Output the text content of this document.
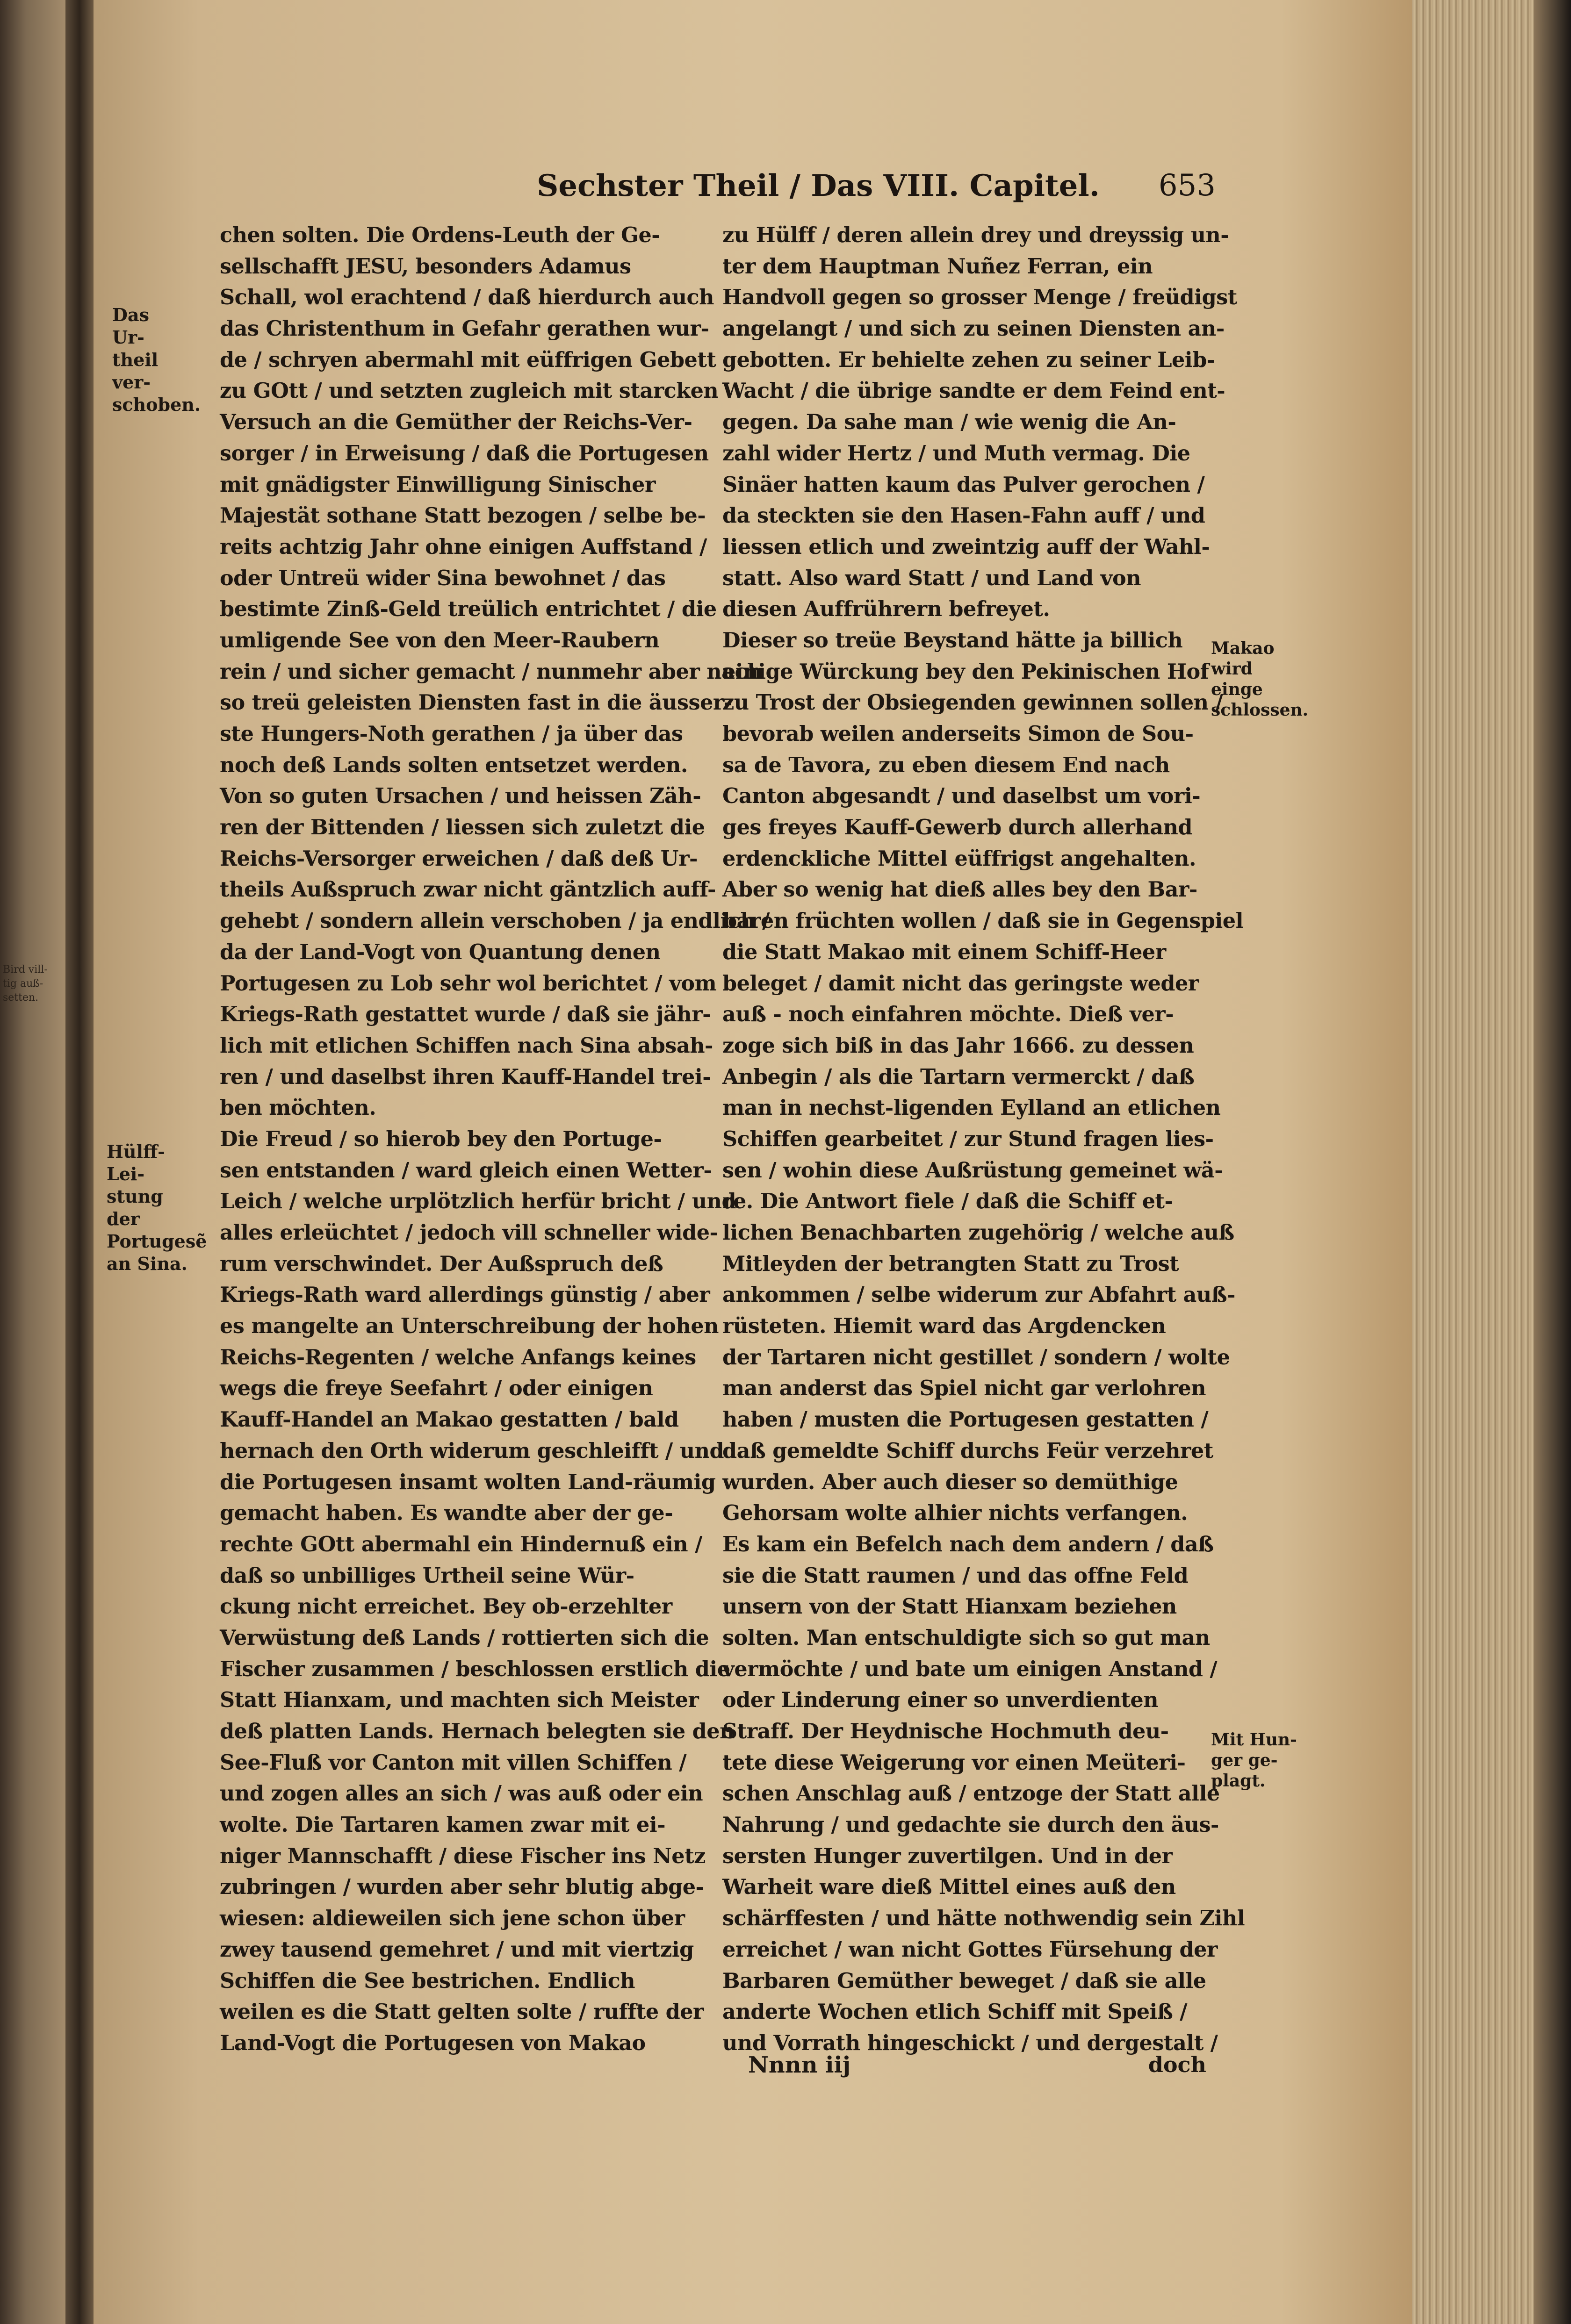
Bird vill-
tig auß-
setten.
Sechster Theil / Das VIII. Capitel.	653
Das Ur-
theil ver-
schoben.
Hülff-Lei-
stung der
Portugesẽ
an Sina.
Makao
wird einge
schlossen.
Mit Hun-
ger ge-
plagt.
chen solten. Die Ordens-Leuth der Ge-
sellschafft JESU, besonders Adamus
Schall, wol erachtend / daß hierdurch auch
das Christenthum in Gefahr gerathen wur-
de / schryen abermahl mit eüffrigen Gebett
zu GOtt / und setzten zugleich mit starcken
Versuch an die Gemüther der Reichs-Ver-
sorger / in Erweisung / daß die Portugesen
mit gnädigster Einwilligung Sinischer
Majestät sothane Statt bezogen / selbe be-
reits achtzig Jahr ohne einigen Auffstand /
oder Untreü wider Sina bewohnet / das
bestimte Zinß-Geld treülich entrichtet / die
umligende See von den Meer-Raubern
rein / und sicher gemacht / nunmehr aber nach
so treü geleisten Diensten fast in die äusser-
ste Hungers-Noth gerathen / ja über das
noch deß Lands solten entsetzet werden.
Von so guten Ursachen / und heissen Zäh-
ren der Bittenden / liessen sich zuletzt die
Reichs-Versorger erweichen / daß deß Ur-
theils Außspruch zwar nicht gäntzlich auff-
gehebt / sondern allein verschoben / ja endlich /
da der Land-Vogt von Quantung denen
Portugesen zu Lob sehr wol berichtet / vom
Kriegs-Rath gestattet wurde / daß sie jähr-
lich mit etlichen Schiffen nach Sina absah-
ren / und daselbst ihren Kauff-Handel trei-
ben möchten.
Die Freud / so hierob bey den Portuge-
sen entstanden / ward gleich einen Wetter-
Leich / welche urplötzlich herfür bricht / und
alles erleüchtet / jedoch vill schneller wide-
rum verschwindet. Der Außspruch deß
Kriegs-Rath ward allerdings günstig / aber
es mangelte an Unterschreibung der hohen
Reichs-Regenten / welche Anfangs keines
wegs die freye Seefahrt / oder einigen
Kauff-Handel an Makao gestatten / bald
hernach den Orth widerum geschleifft / und
die Portugesen insamt wolten Land-räumig
gemacht haben. Es wandte aber der ge-
rechte GOtt abermahl ein Hindernuß ein /
daß so unbilliges Urtheil seine Wür-
ckung nicht erreichet. Bey ob-erzehlter
Verwüstung deß Lands / rottierten sich die
Fischer zusammen / beschlossen erstlich die
Statt Hianxam, und machten sich Meister
deß platten Lands. Hernach belegten sie den
See-Fluß vor Canton mit villen Schiffen /
und zogen alles an sich / was auß oder ein
wolte. Die Tartaren kamen zwar mit ei-
niger Mannschafft / diese Fischer ins Netz
zubringen / wurden aber sehr blutig abge-
wiesen: aldieweilen sich jene schon über
zwey tausend gemehret / und mit viertzig
Schiffen die See bestrichen. Endlich
weilen es die Statt gelten solte / ruffte der
Land-Vogt die Portugesen von Makao
zu Hülff / deren allein drey und dreyssig un-
ter dem Hauptman Nuñez Ferran, ein
Handvoll gegen so grosser Menge / freüdigst
angelangt / und sich zu seinen Diensten an-
gebotten. Er behielte zehen zu seiner Leib-
Wacht / die übrige sandte er dem Feind ent-
gegen. Da sahe man / wie wenig die An-
zahl wider Hertz / und Muth vermag. Die
Sinäer hatten kaum das Pulver gerochen /
da steckten sie den Hasen-Fahn auff / und
liessen etlich und zweintzig auff der Wahl-
statt. Also ward Statt / und Land von
diesen Auffrührern befreyet.
Dieser so treüe Beystand hätte ja billich
einige Würckung bey den Pekinischen Hof
zu Trost der Obsiegenden gewinnen sollen /
bevorab weilen anderseits Simon de Sou-
sa de Tavora, zu eben diesem End nach
Canton abgesandt / und daselbst um vori-
ges freyes Kauff-Gewerb durch allerhand
erdenckliche Mittel eüffrigst angehalten.
Aber so wenig hat dieß alles bey den Bar-
baren früchten wollen / daß sie in Gegenspiel
die Statt Makao mit einem Schiff-Heer
beleget / damit nicht das geringste weder
auß - noch einfahren möchte. Dieß ver-
zoge sich biß in das Jahr 1666. zu dessen
Anbegin / als die Tartarn vermerckt / daß
man in nechst-ligenden Eylland an etlichen
Schiffen gearbeitet / zur Stund fragen lies-
sen / wohin diese Außrüstung gemeinet wä-
re. Die Antwort fiele / daß die Schiff et-
lichen Benachbarten zugehörig / welche auß
Mitleyden der betrangten Statt zu Trost
ankommen / selbe widerum zur Abfahrt auß-
rüsteten. Hiemit ward das Argdencken
der Tartaren nicht gestillet / sondern / wolte
man anderst das Spiel nicht gar verlohren
haben / musten die Portugesen gestatten /
daß gemeldte Schiff durchs Feür verzehret
wurden. Aber auch dieser so demüthige
Gehorsam wolte alhier nichts verfangen.
Es kam ein Befelch nach dem andern / daß
sie die Statt raumen / und das offne Feld
unsern von der Statt Hianxam beziehen
solten. Man entschuldigte sich so gut man
vermöchte / und bate um einigen Anstand /
oder Linderung einer so unverdienten
Straff. Der Heydnische Hochmuth deu-
tete diese Weigerung vor einen Meüteri-
schen Anschlag auß / entzoge der Statt alle
Nahrung / und gedachte sie durch den äus-
sersten Hunger zuvertilgen. Und in der
Warheit ware dieß Mittel eines auß den
schärffesten / und hätte nothwendig sein Zihl
erreichet / wan nicht Gottes Fürsehung der
Barbaren Gemüther beweget / daß sie alle
anderte Wochen etlich Schiff mit Speiß /
und Vorrath hingeschickt / und dergestalt /
Nnnn iij	doch
